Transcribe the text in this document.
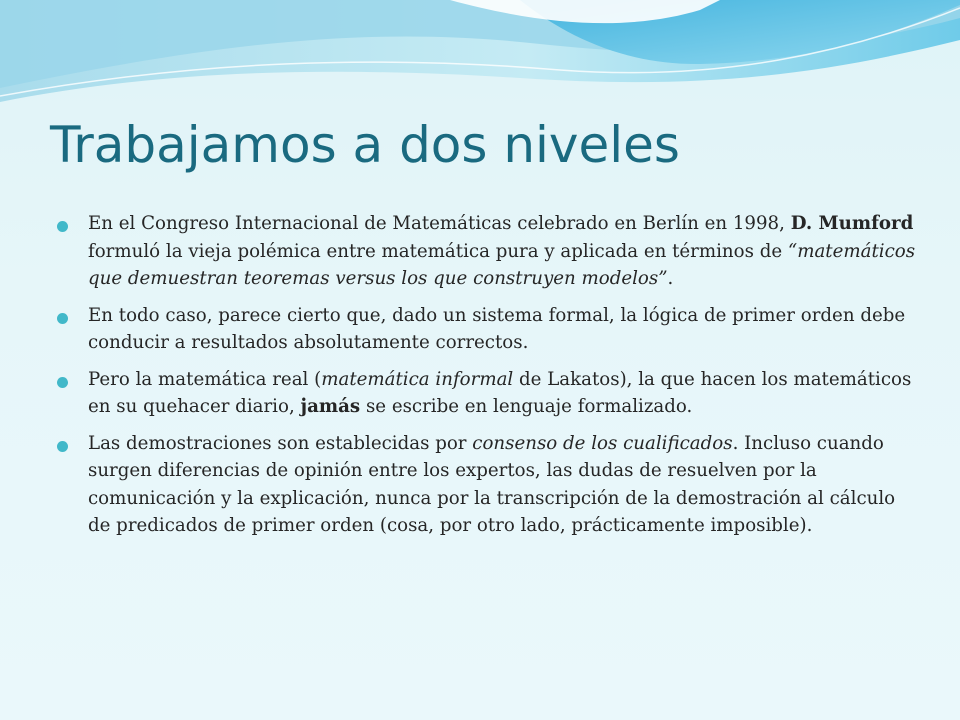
Trabajamos a dos niveles
En el Congreso Internacional de Matemáticas celebrado en Berlín en 1998, D. Mumford formuló la vieja polémica entre matemática pura y aplicada en términos de “matemáticos que demuestran teoremas versus los que construyen modelos”.
En todo caso, parece cierto que, dado un sistema formal, la lógica de primer orden debe conducir a resultados absolutamente correctos.
Pero la matemática real (matemática informal de Lakatos), la que hacen los matemáticos en su quehacer diario, jamás se escribe en lenguaje formalizado.
Las demostraciones son establecidas por consenso de los cualificados. Incluso cuando surgen diferencias de opinión entre los expertos, las dudas de resuelven por la comunicación y la explicación, nunca por la transcripción de la demostración al cálculo de predicados de primer orden (cosa, por otro lado, prácticamente imposible).
